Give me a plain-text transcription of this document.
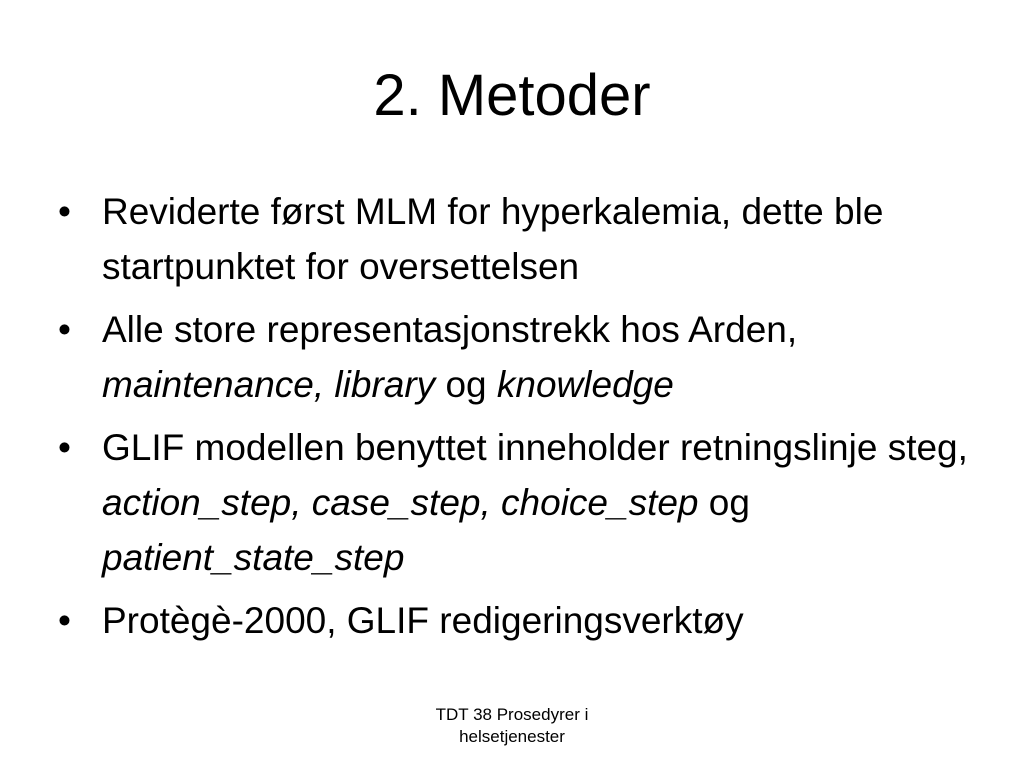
2. Metoder
• Reviderte først MLM for hyperkalemia, dette ble startpunktet for oversettelsen
• Alle store representasjonstrekk hos Arden, maintenance, library og knowledge
• GLIF modellen benyttet inneholder retningslinje steg, action_step, case_step, choice_step og patient_state_step
• Protègè-2000, GLIF redigeringsverktøy
TDT 38 Prosedyrer i
helsetjenester
